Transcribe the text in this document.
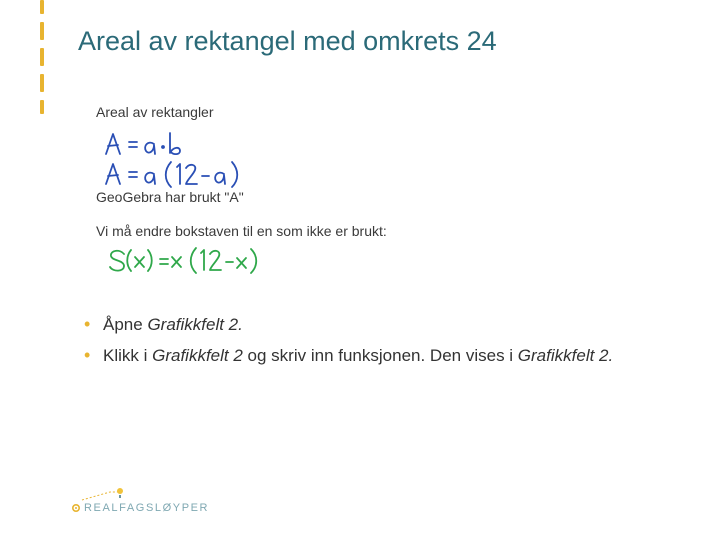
Areal av rektangel med omkrets 24
Areal av rektangler
GeoGebra har brukt "A"
Vi må endre bokstaven til en som ikke er brukt:
• Åpne Grafikkfelt 2.
• Klikk i Grafikkfelt 2 og skriv inn funksjonen. Den vises i Grafikkfelt 2.
REALFAGSLØYPER
